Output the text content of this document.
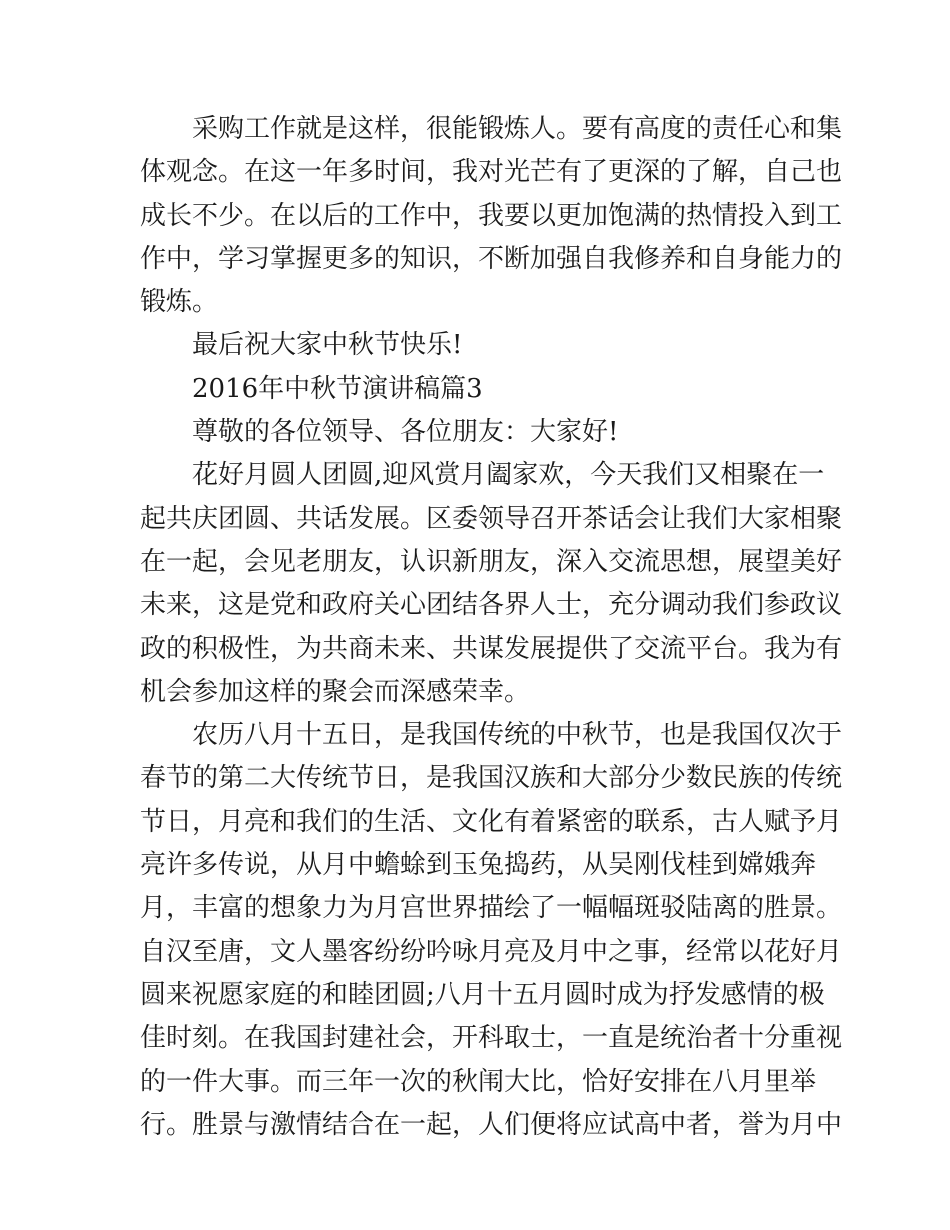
采购工作就是这样，很能锻炼人。要有高度的责任心和集
体观念。在这一年多时间，我对光芒有了更深的了解，自己也
成长不少。在以后的工作中，我要以更加饱满的热情投入到工
作中，学习掌握更多的知识，不断加强自我修养和自身能力的
锻炼。
最后祝大家中秋节快乐!
2016年中秋节演讲稿篇3
尊敬的各位领导、各位朋友：大家好!
花好月圆人团圆,迎风赏月阖家欢，今天我们又相聚在一
起共庆团圆、共话发展。区委领导召开茶话会让我们大家相聚
在一起，会见老朋友，认识新朋友，深入交流思想，展望美好
未来，这是党和政府关心团结各界人士，充分调动我们参政议
政的积极性，为共商未来、共谋发展提供了交流平台。我为有
机会参加这样的聚会而深感荣幸。
农历八月十五日，是我国传统的中秋节，也是我国仅次于
春节的第二大传统节日，是我国汉族和大部分少数民族的传统
节日，月亮和我们的生活、文化有着紧密的联系，古人赋予月
亮许多传说，从月中蟾蜍到玉兔捣药，从吴刚伐桂到嫦娥奔
月，丰富的想象力为月宫世界描绘了一幅幅斑驳陆离的胜景。
自汉至唐，文人墨客纷纷吟咏月亮及月中之事，经常以花好月
圆来祝愿家庭的和睦团圆;八月十五月圆时成为抒发感情的极
佳时刻。在我国封建社会，开科取士，一直是统治者十分重视
的一件大事。而三年一次的秋闱大比，恰好安排在八月里举
行。胜景与激情结合在一起，人们便将应试高中者，誉为月中
